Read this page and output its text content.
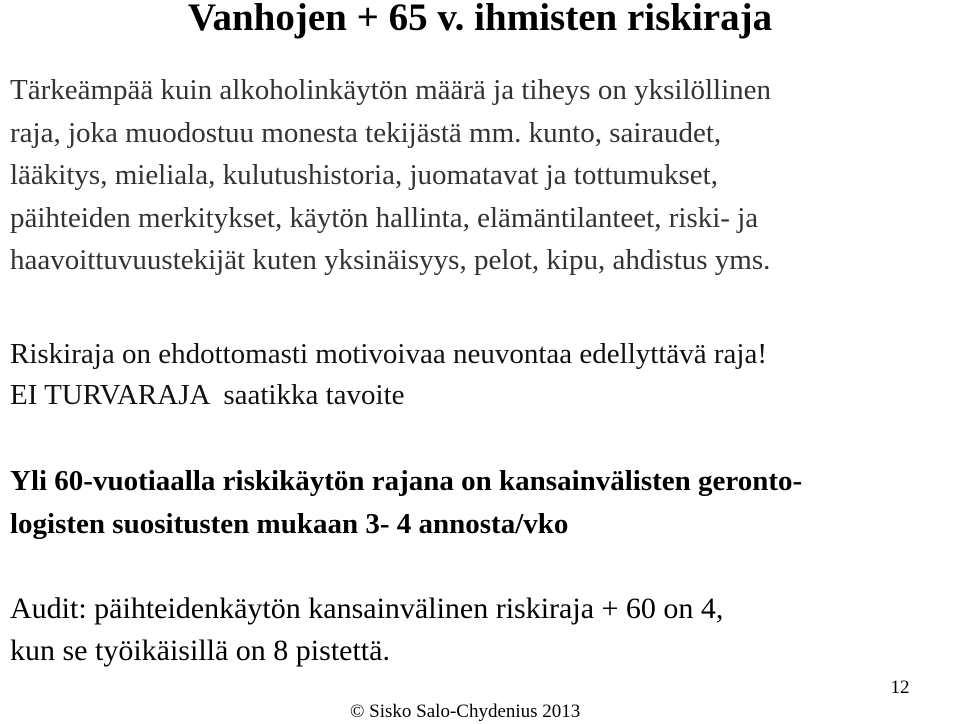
Vanhojen + 65 v. ihmisten riskiraja

Tärkeämpää kuin alkoholinkäytön määrä ja tiheys on yksilöllinen
raja, joka muodostuu monesta tekijästä mm. kunto, sairaudet,
lääkitys, mieliala, kulutushistoria, juomatavat ja tottumukset,
päihteiden merkitykset, käytön hallinta, elämäntilanteet, riski- ja
haavoittuvuustekijät kuten yksinäisyys, pelot, kipu, ahdistus yms.

Riskiraja on ehdottomasti motivoivaa neuvontaa edellyttävä raja!
EI TURVARAJA  saatikka tavoite

Yli 60-vuotiaalla riskikäytön rajana on kansainvälisten geronto-
logisten suositusten mukaan 3- 4 annosta/vko

Audit: päihteidenkäytön kansainvälinen riskiraja + 60 on 4,
kun se työikäisillä on 8 pistettä.

12
© Sisko Salo-Chydenius 2013
